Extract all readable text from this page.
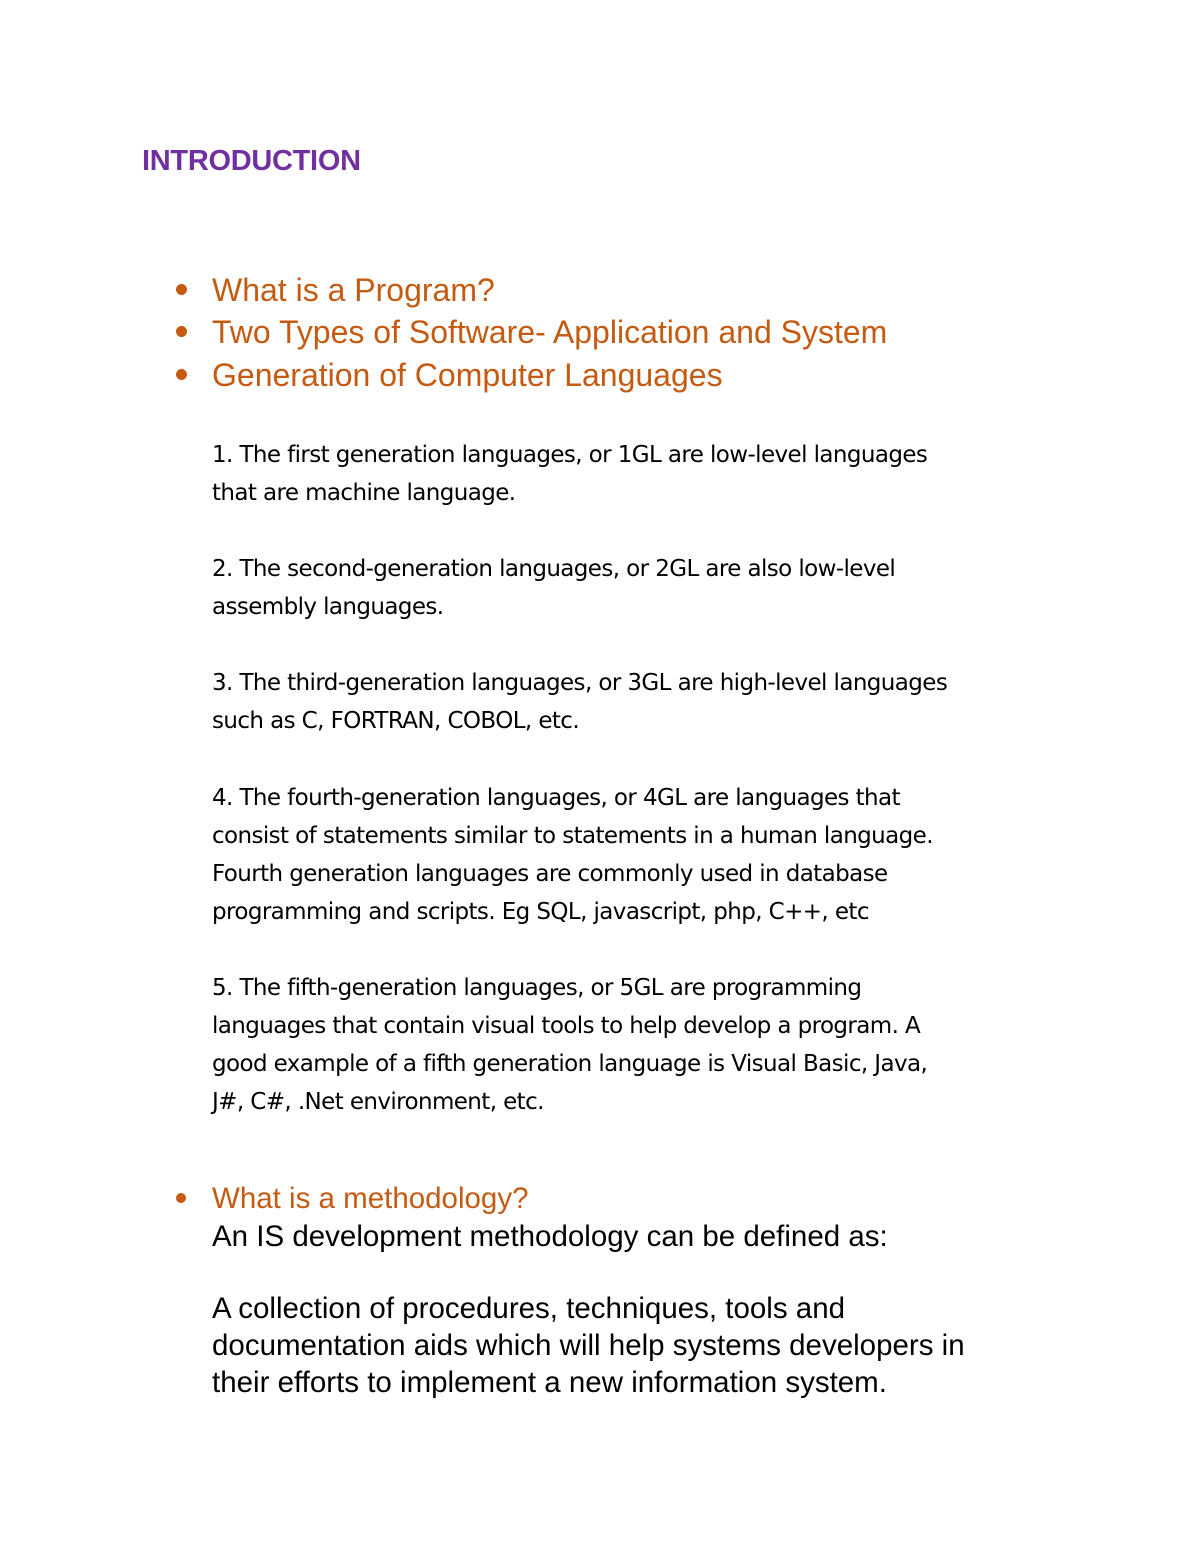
INTRODUCTION
What is a Program?
Two Types of Software- Application and System
Generation of Computer Languages

1. The first generation languages, or 1GL are low-level languages

that are machine language.

2. The second-generation languages, or 2GL are also low-level

assembly languages.

3. The third-generation languages, or 3GL are high-level languages

such as C, FORTRAN, COBOL, etc.

4. The fourth-generation languages, or 4GL are languages that

consist of statements similar to statements in a human language.

Fourth generation languages are commonly used in database

programming and scripts. Eg SQL, javascript, php, C++, etc

5. The fifth-generation languages, or 5GL are programming

languages that contain visual tools to help develop a program. A

good example of a fifth generation language is Visual Basic, Java,

J#, C#, .Net environment, etc.

What is a methodology?

An IS development methodology can be defined as:

A collection of procedures, techniques, tools and

documentation aids which will help systems developers in

their efforts to implement a new information system.
